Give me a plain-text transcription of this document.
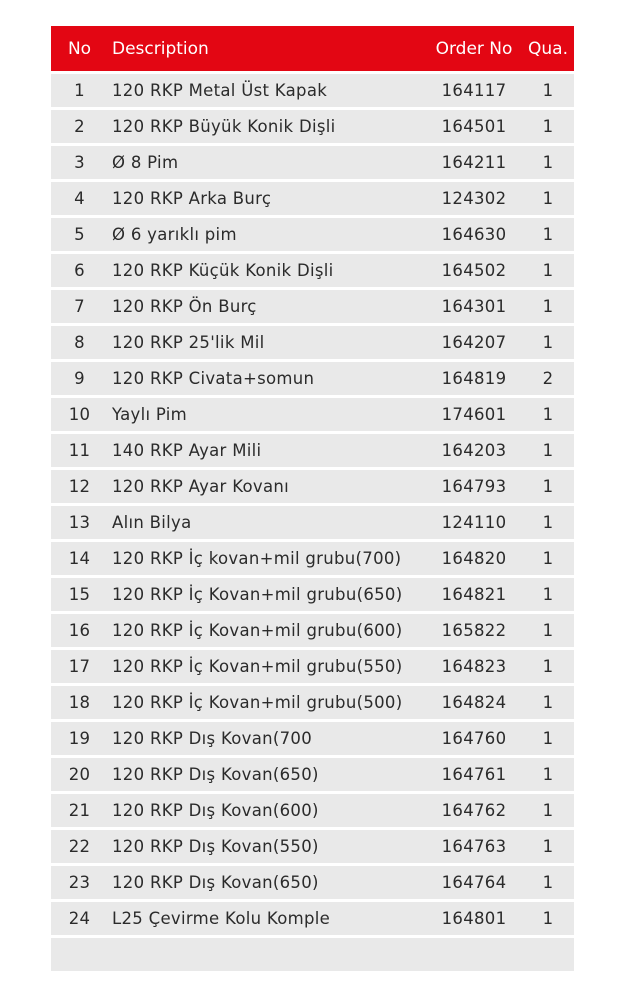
No	Description	Order No	Qua.
1	120 RKP Metal Üst Kapak	164117	1
2	120 RKP Büyük Konik Dişli	164501	1
3	Ø 8 Pim	164211	1
4	120 RKP Arka Burç	124302	1
5	Ø 6 yarıklı pim	164630	1
6	120 RKP Küçük Konik Dişli	164502	1
7	120 RKP Ön Burç	164301	1
8	120 RKP 25'lik Mil	164207	1
9	120 RKP Civata+somun	164819	2
10	Yaylı Pim	174601	1
11	140 RKP Ayar Mili	164203	1
12	120 RKP Ayar Kovanı	164793	1
13	Alın Bilya	124110	1
14	120 RKP İç kovan+mil grubu(700)	164820	1
15	120 RKP İç Kovan+mil grubu(650)	164821	1
16	120 RKP İç Kovan+mil grubu(600)	165822	1
17	120 RKP İç Kovan+mil grubu(550)	164823	1
18	120 RKP İç Kovan+mil grubu(500)	164824	1
19	120 RKP Dış Kovan(700	164760	1
20	120 RKP Dış Kovan(650)	164761	1
21	120 RKP Dış Kovan(600)	164762	1
22	120 RKP Dış Kovan(550)	164763	1
23	120 RKP Dış Kovan(650)	164764	1
24	L25 Çevirme Kolu Komple	164801	1
